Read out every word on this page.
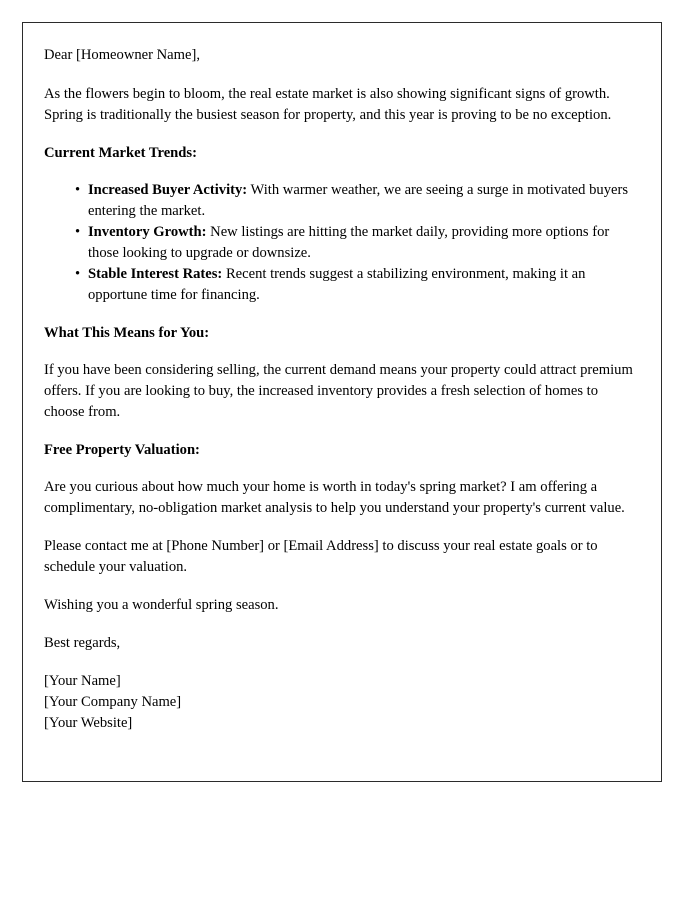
Dear [Homeowner Name],

As the flowers begin to bloom, the real estate market is also showing significant signs of growth. Spring is traditionally the busiest season for property, and this year is proving to be no exception.

Current Market Trends:

• Increased Buyer Activity: With warmer weather, we are seeing a surge in motivated buyers entering the market.
• Inventory Growth: New listings are hitting the market daily, providing more options for those looking to upgrade or downsize.
• Stable Interest Rates: Recent trends suggest a stabilizing environment, making it an opportune time for financing.

What This Means for You:

If you have been considering selling, the current demand means your property could attract premium offers. If you are looking to buy, the increased inventory provides a fresh selection of homes to choose from.

Free Property Valuation:

Are you curious about how much your home is worth in today's spring market? I am offering a complimentary, no-obligation market analysis to help you understand your property's current value.

Please contact me at [Phone Number] or [Email Address] to discuss your real estate goals or to schedule your valuation.

Wishing you a wonderful spring season.

Best regards,

[Your Name]
[Your Company Name]
[Your Website]
